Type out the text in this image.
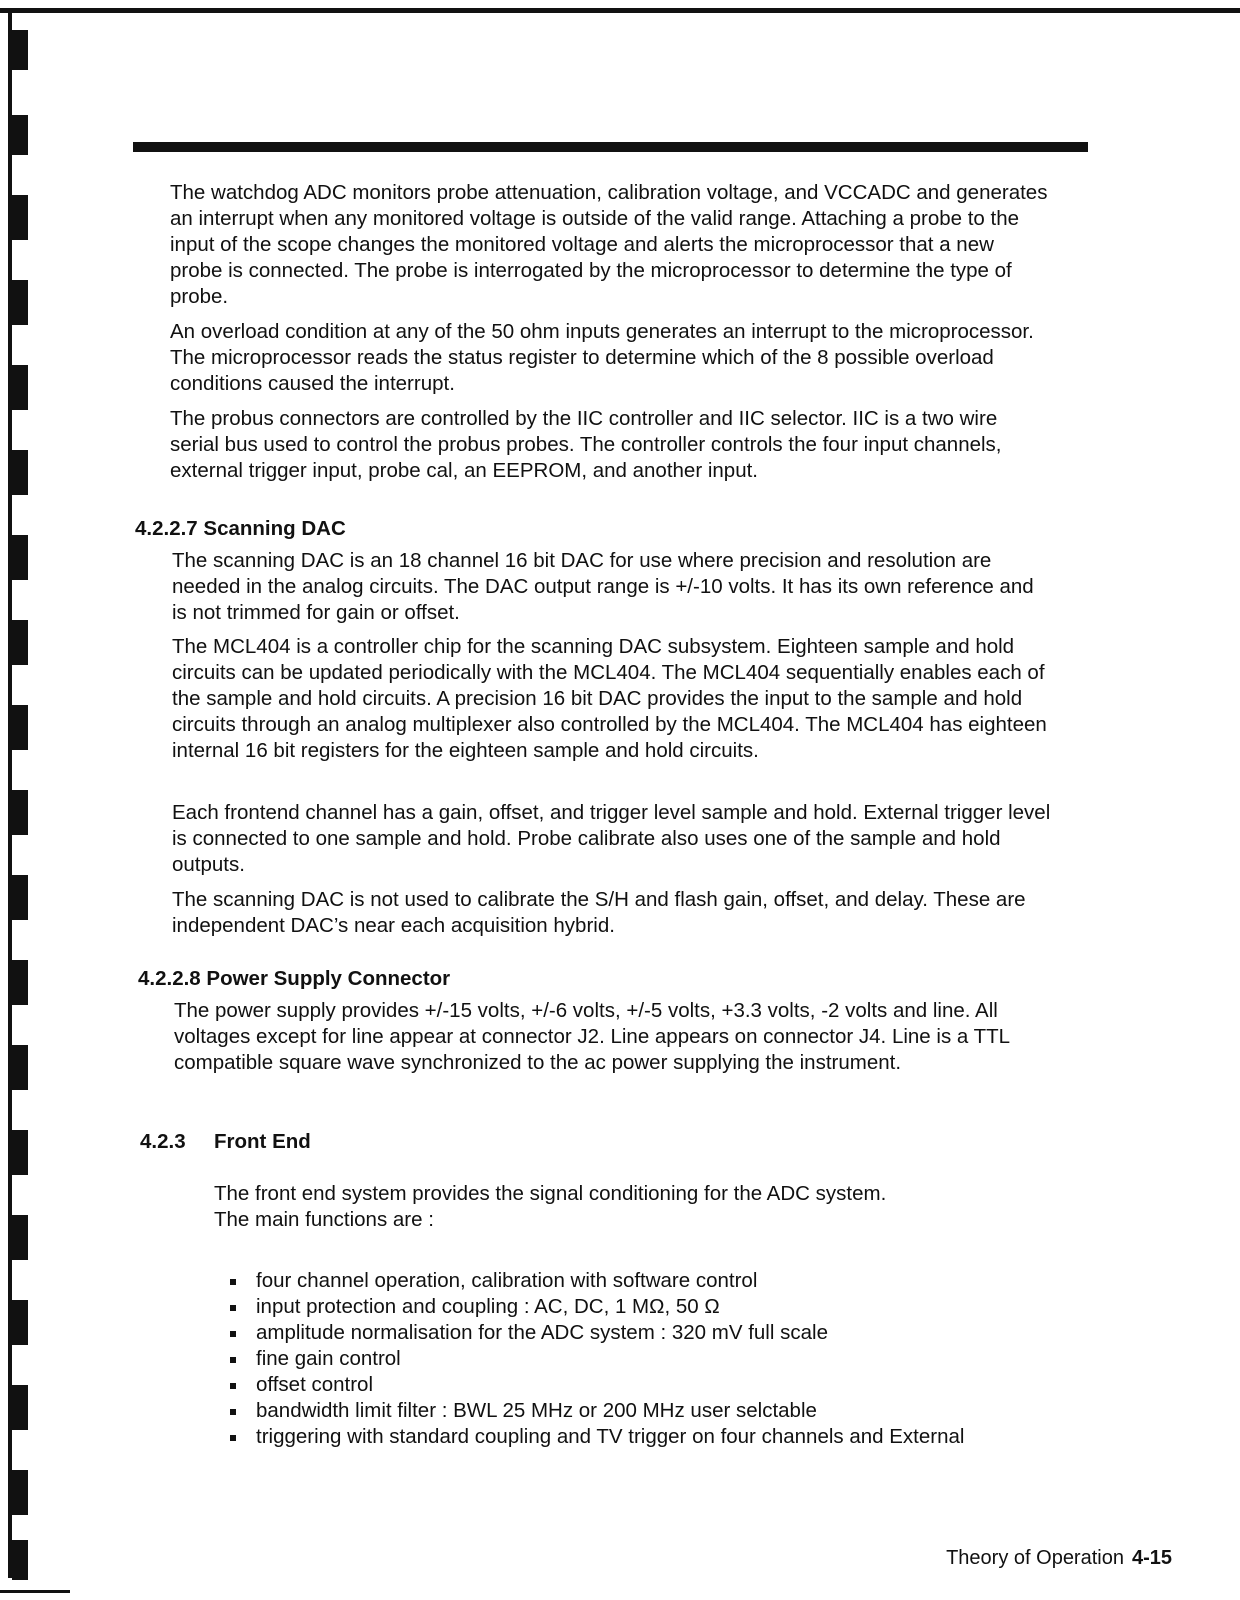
The watchdog ADC monitors probe attenuation, calibration voltage, and VCCADC and generates an interrupt when any monitored voltage is outside of the valid range. Attaching a probe to the input of the scope changes the monitored voltage and alerts the microprocessor that a new probe is connected. The probe is interrogated by the microprocessor to determine the type of probe.

An overload condition at any of the 50 ohm inputs generates an interrupt to the microprocessor. The microprocessor reads the status register to determine which of the 8 possible overload conditions caused the interrupt.

The probus connectors are controlled by the IIC controller and IIC selector. IIC is a two wire serial bus used to control the probus probes. The controller controls the four input channels, external trigger input, probe cal, an EEPROM, and another input.

4.2.2.7 Scanning DAC

The scanning DAC is an 18 channel 16 bit DAC for use where precision and resolution are needed in the analog circuits. The DAC output range is +/-10 volts. It has its own reference and is not trimmed for gain or offset.

The MCL404 is a controller chip for the scanning DAC subsystem. Eighteen sample and hold circuits can be updated periodically with the MCL404. The MCL404 sequentially enables each of the sample and hold circuits. A precision 16 bit DAC provides the input to the sample and hold circuits through an analog multiplexer also controlled by the MCL404. The MCL404 has eighteen internal 16 bit registers for the eighteen sample and hold circuits.

Each frontend channel has a gain, offset, and trigger level sample and hold. External trigger level is connected to one sample and hold. Probe calibrate also uses one of the sample and hold outputs.

The scanning DAC is not used to calibrate the S/H and flash gain, offset, and delay. These are independent DAC’s near each acquisition hybrid.

4.2.2.8 Power Supply Connector

The power supply provides +/-15 volts, +/-6 volts, +/-5 volts, +3.3 volts, -2 volts and line. All voltages except for line appear at connector J2. Line appears on connector J4. Line is a TTL compatible square wave synchronized to the ac power supplying the instrument.

4.2.3 Front End

The front end system provides the signal conditioning for the ADC system.

The main functions are :

four channel operation, calibration with software control
input protection and coupling : AC, DC, 1 MΩ, 50 Ω
amplitude normalisation for the ADC system : 320 mV full scale
fine gain control
offset control
bandwidth limit filter : BWL 25 MHz or 200 MHz user selctable
triggering with standard coupling and TV trigger on four channels and External
Theory of Operation 4-15
